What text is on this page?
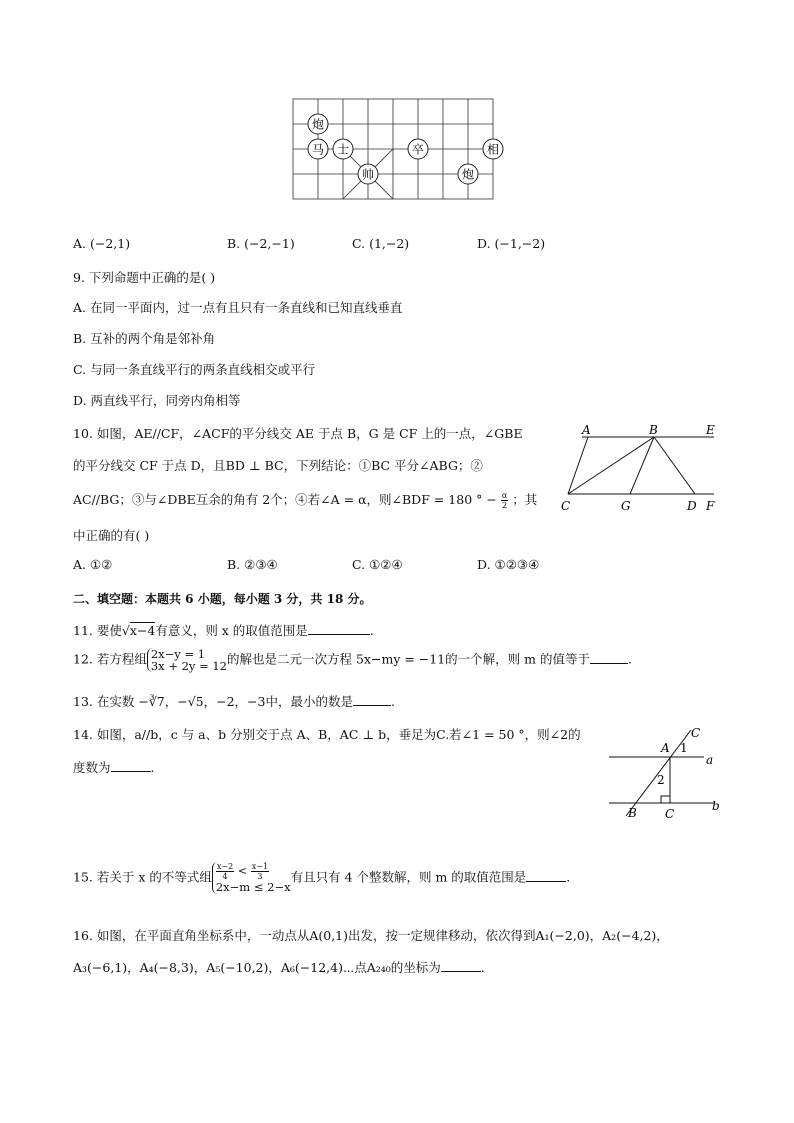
炮
马 士
帅
卒
炮
相
A. (−2,1)	B. (−2,−1)	C. (1,−2)	D. (−1,−2)
9. 下列命题中正确的是( )
A. 在同一平面内，过一点有且只有一条直线和已知直线垂直
B. 互补的两个角是邻补角
C. 与同一条直线平行的两条直线相交或平行
D. 两直线平行，同旁内角相等
10. 如图，AE//CF，∠ACF的平分线交 AE 于点 B，G 是 CF 上的一点，∠GBE
的平分线交 CF 于点 D，且BD ⊥ BC，下列结论：①BC 平分∠ABG；②
AC//BG；③与∠DBE互余的角有 2个；④若∠A = α，则∠BDF = 180 ° − $\frac{\alpha}{2}$ ；其
中正确的有( )
A. ①②	B. ②③④	C. ①②④	D. ①②③④
A	B	E
C	G	D F
二、填空题：本题共 6 小题，每小题 3 分，共 18 分。
11. 要使√x−4有意义，则 x 的取值范围是	.
12. 若方程组 2x−y = 1
3x + 2y = 12 的解也是二元一次方程 5x−my = −11的一个解，则 m 的值等于	.
13. 在实数 −∛7，−√5，−2，−3中，最小的数是	.
14. 如图，a//b，c 与 a、b 分别交于点 A、B，AC ⊥ b，垂足为C.若∠1 = 50 °，则∠2的
度数为	.
C
A
a
B C
b
1
2
15. 若关于 x 的不等式组 $\frac{x-2}{4} < \frac{x-1}{3}$
2x−m ≤ 2−x
有且只有 4 个整数解，则 m 的取值范围是	.
16. 如图，在平面直角坐标系中，一动点从A(0,1)出发，按一定规律移动，依次得到A₁(−2,0)，A₂(−4,2)，
A₃(−6,1)，A₄(−8,3)，A₅(−10,2)，A₆(−12,4)⋯点A₂₄₀的坐标为	.
